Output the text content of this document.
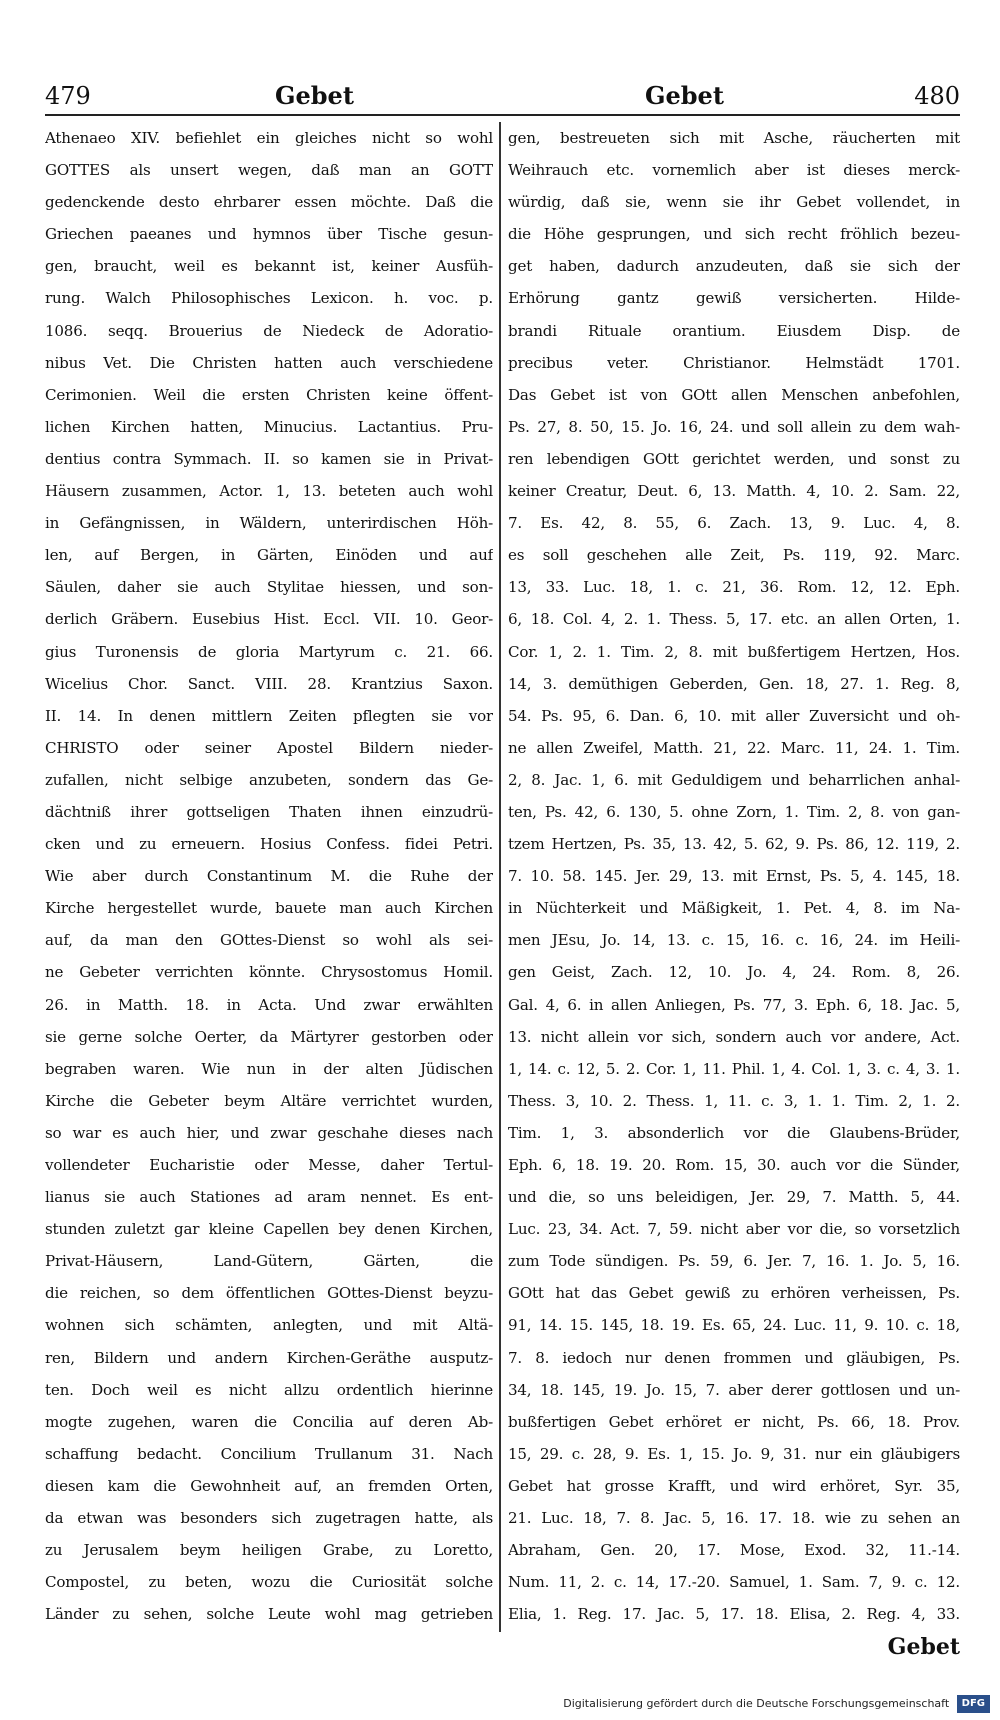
479	Gebet	Gebet	480
Athenaeo XIV. befiehlet ein gleiches nicht so wohl
GOTTES als unsert wegen, daß man an GOTT
gedenckende desto ehrbarer essen möchte. Daß die
Griechen paeanes und hymnos über Tische gesun-
gen, braucht, weil es bekannt ist, keiner Ausfüh-
rung. Walch Philosophisches Lexicon. h. voc. p.
1086. seqq. Brouerius de Niedeck de Adoratio-
nibus Vet. Die Christen hatten auch verschiedene
Cerimonien. Weil die ersten Christen keine öffent-
lichen Kirchen hatten, Minucius. Lactantius. Pru-
dentius contra Symmach. II. so kamen sie in Privat-
Häusern zusammen, Actor. 1, 13. beteten auch wohl
in Gefängnissen, in Wäldern, unterirdischen Höh-
len, auf Bergen, in Gärten, Einöden und auf
Säulen, daher sie auch Stylitae hiessen, und son-
derlich Gräbern. Eusebius Hist. Eccl. VII. 10. Geor-
gius Turonensis de gloria Martyrum c. 21. 66.
Wicelius Chor. Sanct. VIII. 28. Krantzius Saxon.
II. 14. In denen mittlern Zeiten pflegten sie vor
CHRISTO oder seiner Apostel Bildern nieder-
zufallen, nicht selbige anzubeten, sondern das Ge-
dächtniß ihrer gottseligen Thaten ihnen einzudrü-
cken und zu erneuern. Hosius Confess. fidei Petri.
Wie aber durch Constantinum M. die Ruhe der
Kirche hergestellet wurde, bauete man auch Kirchen
auf, da man den GOttes-Dienst so wohl als sei-
ne Gebeter verrichten könnte. Chrysostomus Homil.
26. in Matth. 18. in Acta. Und zwar erwählten
sie gerne solche Oerter, da Märtyrer gestorben oder
begraben waren. Wie nun in der alten Jüdischen
Kirche die Gebeter beym Altäre verrichtet wurden,
so war es auch hier, und zwar geschahe dieses nach
vollendeter Eucharistie oder Messe, daher Tertul-
lianus sie auch Stationes ad aram nennet. Es ent-
stunden zuletzt gar kleine Capellen bey denen Kirchen,
Privat-Häusern, Land-Gütern, Gärten, die
die reichen, so dem öffentlichen GOttes-Dienst beyzu-
wohnen sich schämten, anlegten, und mit Altä-
ren, Bildern und andern Kirchen-Geräthe ausputz-
ten. Doch weil es nicht allzu ordentlich hierinne
mogte zugehen, waren die Concilia auf deren Ab-
schaffung bedacht. Concilium Trullanum 31. Nach
diesen kam die Gewohnheit auf, an fremden Orten,
da etwan was besonders sich zugetragen hatte, als
zu Jerusalem beym heiligen Grabe, zu Loretto,
Compostel, zu beten, wozu die Curiosität solche
Länder zu sehen, solche Leute wohl mag getrieben
gen, bestreueten sich mit Asche, räucherten mit
Weihrauch etc. vornemlich aber ist dieses merck-
würdig, daß sie, wenn sie ihr Gebet vollendet, in
die Höhe gesprungen, und sich recht fröhlich bezeu-
get haben, dadurch anzudeuten, daß sie sich der
Erhörung gantz gewiß versicherten. Hilde-
brandi Rituale orantium. Eiusdem Disp. de
precibus veter. Christianor. Helmstädt 1701.
Das Gebet ist von GOtt allen Menschen anbefohlen,
Ps. 27, 8. 50, 15. Jo. 16, 24. und soll allein zu dem wah-
ren lebendigen GOtt gerichtet werden, und sonst zu
keiner Creatur, Deut. 6, 13. Matth. 4, 10. 2. Sam. 22,
7. Es. 42, 8. 55, 6. Zach. 13, 9. Luc. 4, 8.
es soll geschehen alle Zeit, Ps. 119, 92. Marc.
13, 33. Luc. 18, 1. c. 21, 36. Rom. 12, 12. Eph.
6, 18. Col. 4, 2. 1. Thess. 5, 17. etc. an allen Orten, 1.
Cor. 1, 2. 1. Tim. 2, 8. mit bußfertigem Hertzen, Hos.
14, 3. demüthigen Geberden, Gen. 18, 27. 1. Reg. 8,
54. Ps. 95, 6. Dan. 6, 10. mit aller Zuversicht und oh-
ne allen Zweifel, Matth. 21, 22. Marc. 11, 24. 1. Tim.
2, 8. Jac. 1, 6. mit Geduldigem und beharrlichen anhal-
ten, Ps. 42, 6. 130, 5. ohne Zorn, 1. Tim. 2, 8. von gan-
tzem Hertzen, Ps. 35, 13. 42, 5. 62, 9. Ps. 86, 12. 119, 2.
7. 10. 58. 145. Jer. 29, 13. mit Ernst, Ps. 5, 4. 145, 18.
in Nüchterkeit und Mäßigkeit, 1. Pet. 4, 8. im Na-
men JEsu, Jo. 14, 13. c. 15, 16. c. 16, 24. im Heili-
gen Geist, Zach. 12, 10. Jo. 4, 24. Rom. 8, 26.
Gal. 4, 6. in allen Anliegen, Ps. 77, 3. Eph. 6, 18. Jac. 5,
13. nicht allein vor sich, sondern auch vor andere, Act.
1, 14. c. 12, 5. 2. Cor. 1, 11. Phil. 1, 4. Col. 1, 3. c. 4, 3. 1.
Thess. 3, 10. 2. Thess. 1, 11. c. 3, 1. 1. Tim. 2, 1. 2.
Tim. 1, 3. absonderlich vor die Glaubens-Brüder,
Eph. 6, 18. 19. 20. Rom. 15, 30. auch vor die Sünder,
und die, so uns beleidigen, Jer. 29, 7. Matth. 5, 44.
Luc. 23, 34. Act. 7, 59. nicht aber vor die, so vorsetzlich
zum Tode sündigen. Ps. 59, 6. Jer. 7, 16. 1. Jo. 5, 16.
GOtt hat das Gebet gewiß zu erhören verheissen, Ps.
91, 14. 15. 145, 18. 19. Es. 65, 24. Luc. 11, 9. 10. c. 18,
7. 8. iedoch nur denen frommen und gläubigen, Ps.
34, 18. 145, 19. Jo. 15, 7. aber derer gottlosen und un-
bußfertigen Gebet erhöret er nicht, Ps. 66, 18. Prov.
15, 29. c. 28, 9. Es. 1, 15. Jo. 9, 31. nur ein gläubigers
Gebet hat grosse Krafft, und wird erhöret, Syr. 35,
21. Luc. 18, 7. 8. Jac. 5, 16. 17. 18. wie zu sehen an
Abraham, Gen. 20, 17. Mose, Exod. 32, 11.-14.
Num. 11, 2. c. 14, 17.-20. Samuel, 1. Sam. 7, 9. c. 12.
Elia, 1. Reg. 17. Jac. 5, 17. 18. Elisa, 2. Reg. 4, 33.
Gebet
Digitalisierung gefördert durch die Deutsche Forschungsgemeinschaft DFG
